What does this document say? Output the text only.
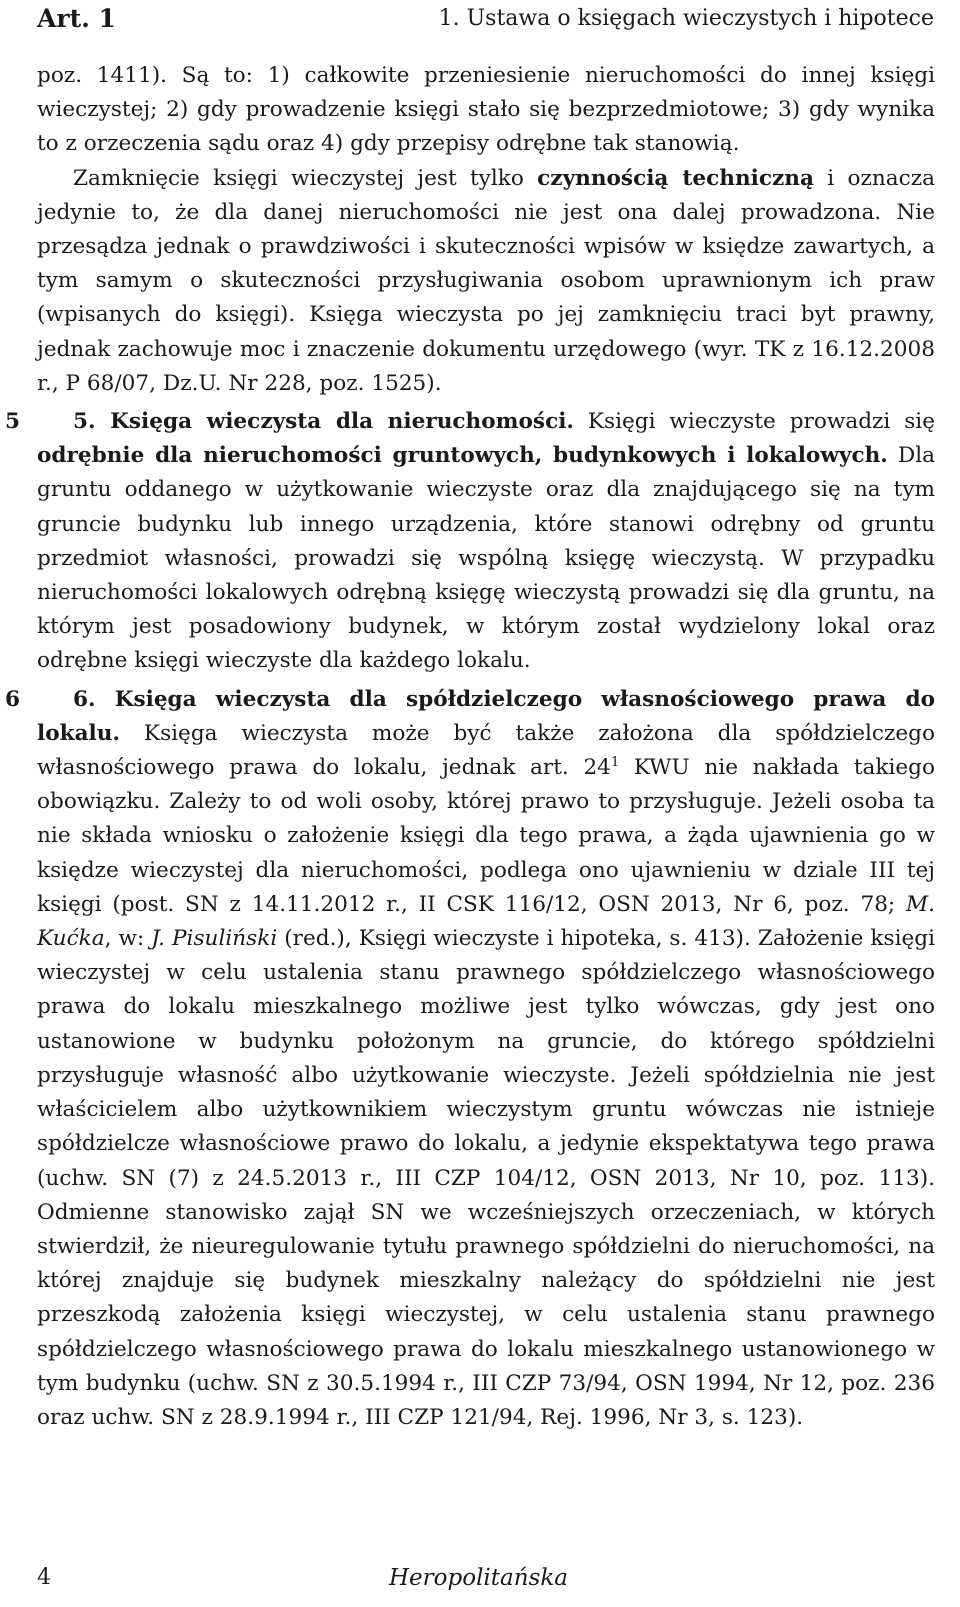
Art. 1	1. Ustawa o księgach wieczystych i hipotece

poz. 1411). Są to: 1) całkowite przeniesienie nieruchomości do innej księgi wieczystej; 2) gdy prowadzenie księgi stało się bezprzedmiotowe; 3) gdy wynika to z orzeczenia sądu oraz 4) gdy przepisy odrębne tak stanowią.

Zamknięcie księgi wieczystej jest tylko czynnością techniczną i oznacza jedynie to, że dla danej nieruchomości nie jest ona dalej prowadzona. Nie przesądza jednak o prawdziwości i skuteczności wpisów w księdze zawartych, a tym samym o skuteczności przysługiwania osobom uprawnionym ich praw (wpisanych do księgi). Księga wieczysta po jej zamknięciu traci byt prawny, jednak zachowuje moc i znaczenie dokumentu urzędowego (wyr. TK z 16.12.2008 r., P 68/07, Dz.U. Nr 228, poz. 1525).

5 5. Księga wieczysta dla nieruchomości. Księgi wieczyste prowadzi się odrębnie dla nieruchomości gruntowych, budynkowych i lokalowych. Dla gruntu oddanego w użytkowanie wieczyste oraz dla znajdującego się na tym gruncie budynku lub innego urządzenia, które stanowi odrębny od gruntu przedmiot własności, prowadzi się wspólną księgę wieczystą. W przypadku nieruchomości lokalowych odrębną księgę wieczystą prowadzi się dla gruntu, na którym jest posadowiony budynek, w którym został wydzielony lokal oraz odrębne księgi wieczyste dla każdego lokalu.

6 6. Księga wieczysta dla spółdzielczego własnościowego prawa do lokalu. Księga wieczysta może być także założona dla spółdzielczego własnościowego prawa do lokalu, jednak art. $24^1$ KWU nie nakłada takiego obowiązku. Zależy to od woli osoby, której prawo to przysługuje. Jeżeli osoba ta nie składa wniosku o założenie księgi dla tego prawa, a żąda ujawnienia go w księdze wieczystej dla nieruchomości, podlega ono ujawnieniu w dziale III tej księgi (post. SN z 14.11.2012 r., II CSK 116/12, OSN 2013, Nr 6, poz. 78; M. Kućka, w: J. Pisuliński (red.), Księgi wieczyste i hipoteka, s. 413). Założenie księgi wieczystej w celu ustalenia stanu prawnego spółdzielczego własnościowego prawa do lokalu mieszkalnego możliwe jest tylko wówczas, gdy jest ono ustanowione w budynku położonym na gruncie, do którego spółdzielni przysługuje własność albo użytkowanie wieczyste. Jeżeli spółdzielnia nie jest właścicielem albo użytkownikiem wieczystym gruntu wówczas nie istnieje spółdzielcze własnościowe prawo do lokalu, a jedynie ekspektatywa tego prawa (uchw. SN (7) z 24.5.2013 r., III CZP 104/12, OSN 2013, Nr 10, poz. 113). Odmienne stanowisko zajął SN we wcześniejszych orzeczeniach, w których stwierdził, że nieuregulowanie tytułu prawnego spółdzielni do nieruchomości, na której znajduje się budynek mieszkalny należący do spółdzielni nie jest przeszkodą założenia księgi wieczystej, w celu ustalenia stanu prawnego spółdzielczego własnościowego prawa do lokalu mieszkalnego ustanowionego w tym budynku (uchw. SN z 30.5.1994 r., III CZP 73/94, OSN 1994, Nr 12, poz. 236 oraz uchw. SN z 28.9.1994 r., III CZP 121/94, Rej. 1996, Nr 3, s. 123).

4	Heropolitańska
